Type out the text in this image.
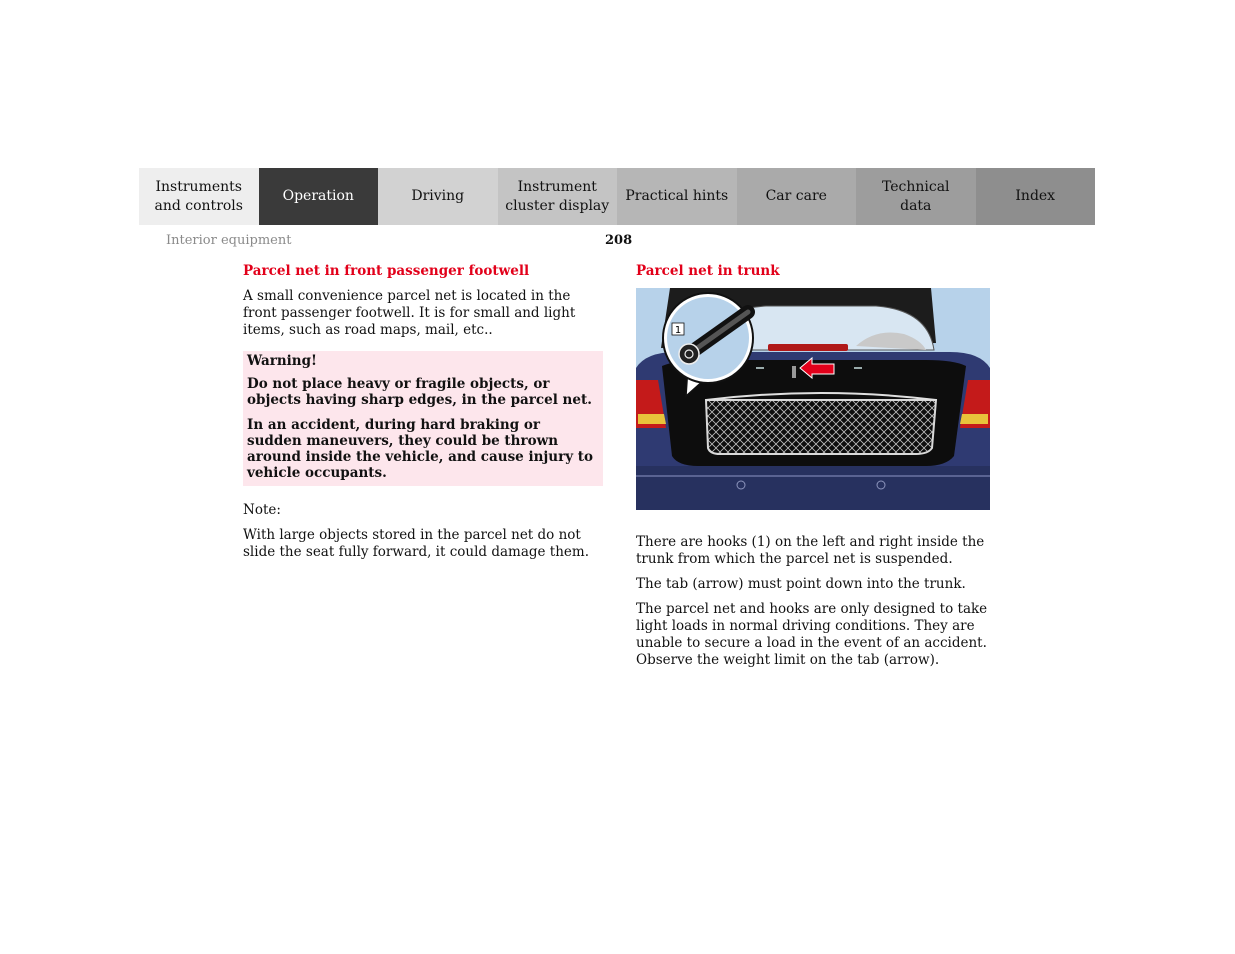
Instruments
and controls
Operation	Driving
Instrument
cluster display
Practical hints	Car care
Technical
data
Index
Interior equipment	208
Parcel net in front passenger footwell

A small convenience parcel net is located in the front passenger footwell. It is for small and light items, such as road maps, mail, etc..

Warning!

Do not place heavy or fragile objects, or objects having sharp edges, in the parcel net.

In an accident, during hard braking or sudden maneuvers, they could be thrown around inside the vehicle, and cause injury to vehicle occupants.

Note:

With large objects stored in the parcel net do not slide the seat fully forward, it could damage them.

Parcel net in trunk
1

There are hooks (1) on the left and right inside the trunk from which the parcel net is suspended.

The tab (arrow) must point down into the trunk.

The parcel net and hooks are only designed to take light loads in normal driving conditions. They are unable to secure a load in the event of an accident. Observe the weight limit on the tab (arrow).
